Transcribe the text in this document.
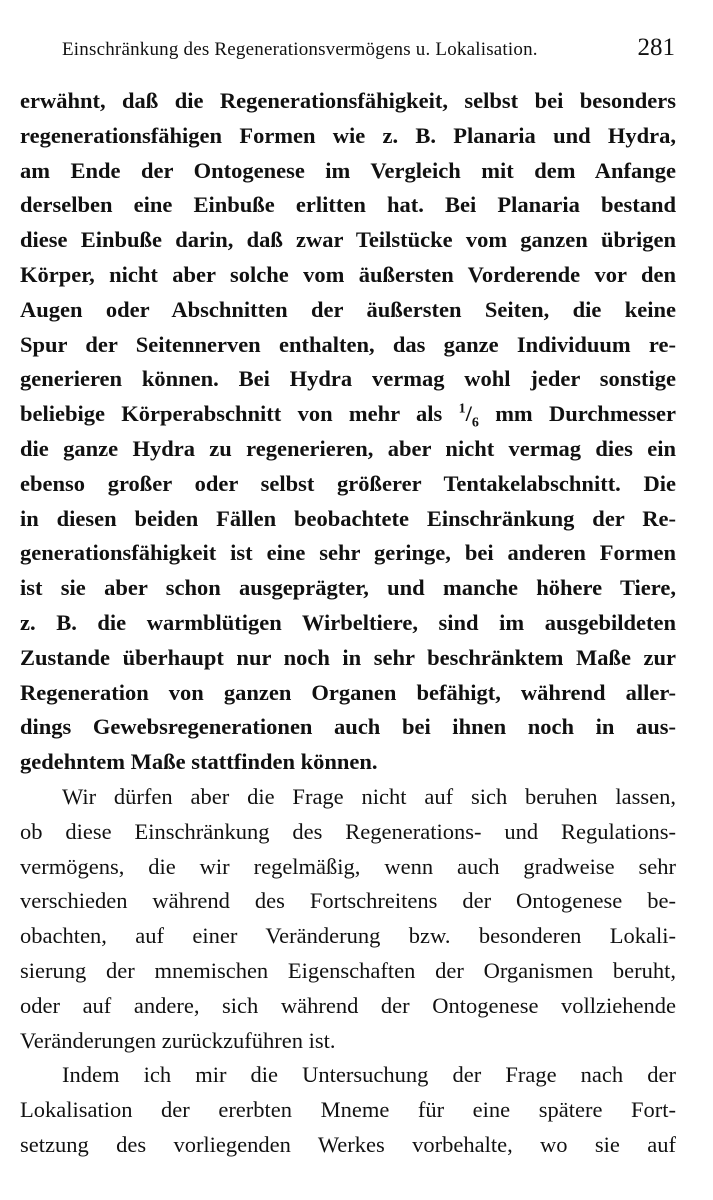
Einschränkung des Regenerationsvermögens u. Lokalisation.	281
erwähnt, daß die Regenerationsfähigkeit, selbst bei besonders
regenerationsfähigen Formen wie z. B. Planaria und Hydra,
am Ende der Ontogenese im Vergleich mit dem Anfange
derselben eine Einbuße erlitten hat. Bei Planaria bestand
diese Einbuße darin, daß zwar Teilstücke vom ganzen übrigen
Körper, nicht aber solche vom äußersten Vorderende vor den
Augen oder Abschnitten der äußersten Seiten, die keine
Spur der Seitennerven enthalten, das ganze Individuum re-
generieren können. Bei Hydra vermag wohl jeder sonstige
beliebige Körperabschnitt von mehr als $^1/_6$ mm Durchmesser
die ganze Hydra zu regenerieren, aber nicht vermag dies ein
ebenso großer oder selbst größerer Tentakelabschnitt. Die
in diesen beiden Fällen beobachtete Einschränkung der Re-
generationsfähigkeit ist eine sehr geringe, bei anderen Formen
ist sie aber schon ausgeprägter, und manche höhere Tiere,
z. B. die warmblütigen Wirbeltiere, sind im ausgebildeten
Zustande überhaupt nur noch in sehr beschränktem Maße zur
Regeneration von ganzen Organen befähigt, während aller-
dings Gewebsregenerationen auch bei ihnen noch in aus-
gedehntem Maße stattfinden können.
Wir dürfen aber die Frage nicht auf sich beruhen lassen,
ob diese Einschränkung des Regenerations- und Regulations-
vermögens, die wir regelmäßig, wenn auch gradweise sehr
verschieden während des Fortschreitens der Ontogenese be-
obachten, auf einer Veränderung bzw. besonderen Lokali-
sierung der mnemischen Eigenschaften der Organismen beruht,
oder auf andere, sich während der Ontogenese vollziehende
Veränderungen zurückzuführen ist.
Indem ich mir die Untersuchung der Frage nach der
Lokalisation der ererbten Mneme für eine spätere Fort-
setzung des vorliegenden Werkes vorbehalte, wo sie auf
